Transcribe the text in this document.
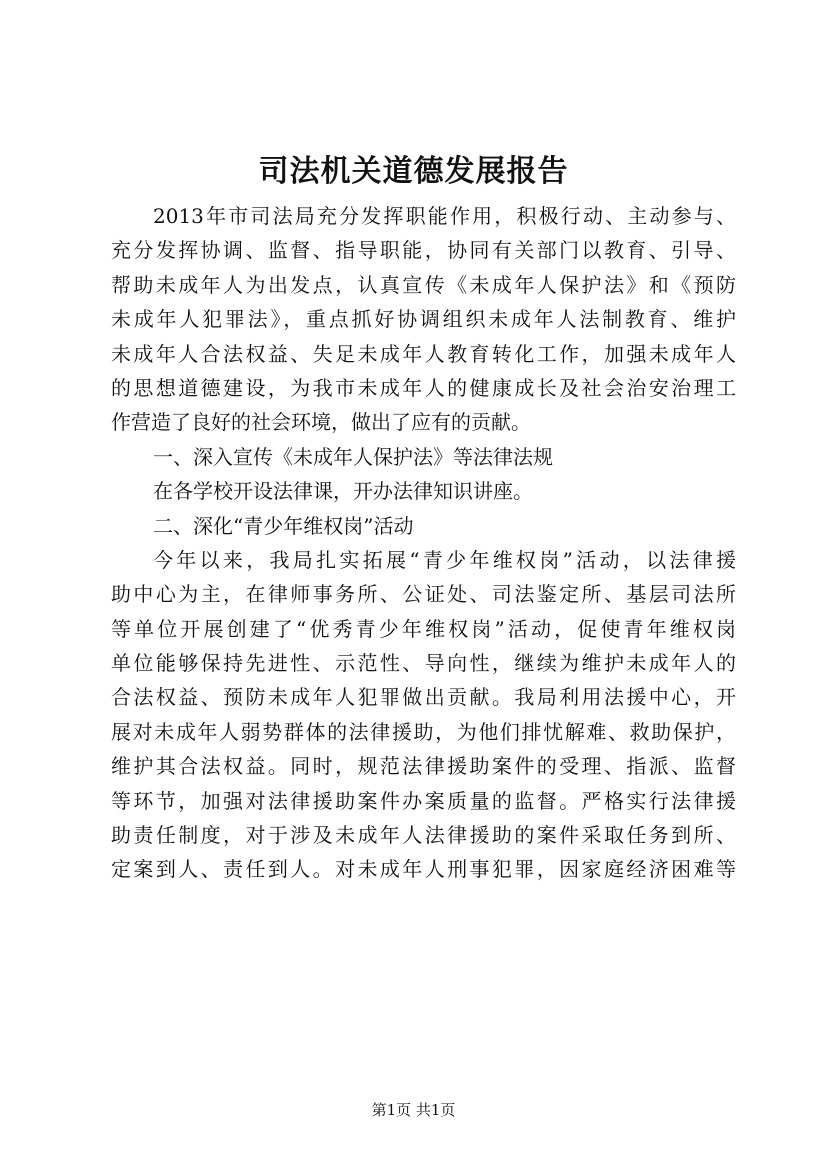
司法机关道德发展报告
2013年市司法局充分发挥职能作用，积极行动、主动参与、
充分发挥协调、监督、指导职能，协同有关部门以教育、引导、
帮助未成年人为出发点，认真宣传《未成年人保护法》和《预防
未成年人犯罪法》，重点抓好协调组织未成年人法制教育、维护
未成年人合法权益、失足未成年人教育转化工作，加强未成年人
的思想道德建设，为我市未成年人的健康成长及社会治安治理工
作营造了良好的社会环境，做出了应有的贡献。
一、深入宣传《未成年人保护法》等法律法规
在各学校开设法律课，开办法律知识讲座。
二、深化“青少年维权岗”活动
今年以来，我局扎实拓展“青少年维权岗”活动，以法律援
助中心为主，在律师事务所、公证处、司法鉴定所、基层司法所
等单位开展创建了“优秀青少年维权岗”活动，促使青年维权岗
单位能够保持先进性、示范性、导向性，继续为维护未成年人的
合法权益、预防未成年人犯罪做出贡献。我局利用法援中心，开
展对未成年人弱势群体的法律援助，为他们排忧解难、救助保护，
维护其合法权益。同时，规范法律援助案件的受理、指派、监督
等环节，加强对法律援助案件办案质量的监督。严格实行法律援
助责任制度，对于涉及未成年人法律援助的案件采取任务到所、
定案到人、责任到人。对未成年人刑事犯罪，因家庭经济困难等
第1页 共1页
